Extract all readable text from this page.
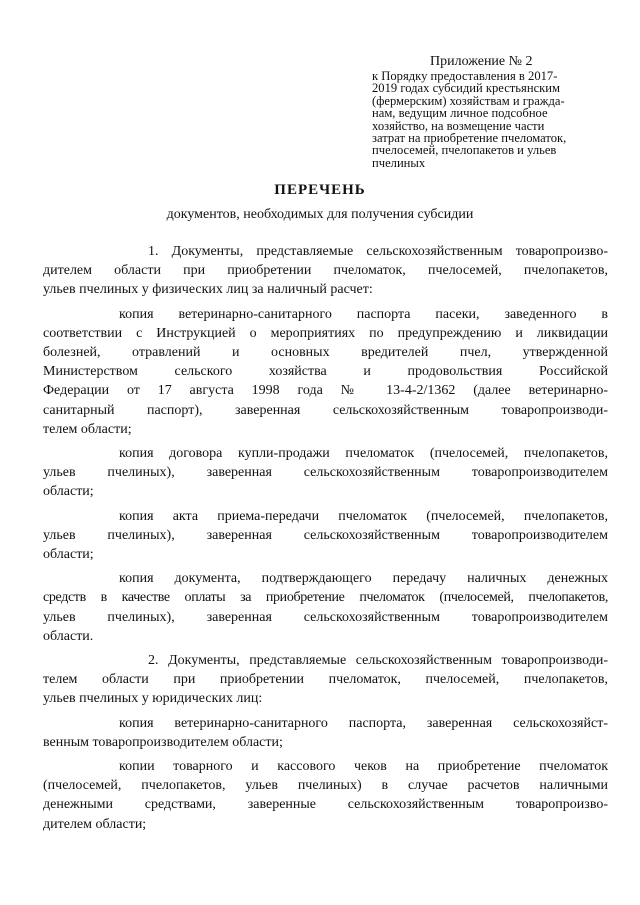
Приложение № 2
к Порядку предоставления в 2017-
2019 годах субсидий крестьянским
(фермерским) хозяйствам и гражда-
нам, ведущим личное подсобное
хозяйство, на возмещение части
затрат на приобретение пчеломаток,
пчелосемей, пчелопакетов и ульев
пчелиных
ПЕРЕЧЕНЬ
документов, необходимых для получения субсидии
1. Документы, представляемые сельскохозяйственным товаропроизво-
дителем области при приобретении пчеломаток, пчелосемей, пчелопакетов,
ульев пчелиных у физических лиц за наличный расчет:
копия ветеринарно-санитарного паспорта пасеки, заведенного в
соответствии с Инструкцией о мероприятиях по предупреждению и ликвидации
болезней, отравлений и основных вредителей пчел, утвержденной
Министерством сельского хозяйства и продовольствия Российской
Федерации от 17 августа 1998 года № 13-4-2/1362 (далее ветеринарно-
санитарный паспорт), заверенная сельскохозяйственным товаропроизводи-
телем области;
копия договора купли-продажи пчеломаток (пчелосемей, пчелопакетов,
ульев пчелиных), заверенная сельскохозяйственным товаропроизводителем
области;
копия акта приема-передачи пчеломаток (пчелосемей, пчелопакетов,
ульев пчелиных), заверенная сельскохозяйственным товаропроизводителем
области;
копия документа, подтверждающего передачу наличных денежных
средств в качестве оплаты за приобретение пчеломаток (пчелосемей, пчелопакетов,
ульев пчелиных), заверенная сельскохозяйственным товаропроизводителем
области.
2. Документы, представляемые сельскохозяйственным товаропроизводи-
телем области при приобретении пчеломаток, пчелосемей, пчелопакетов,
ульев пчелиных у юридических лиц:
копия ветеринарно-санитарного паспорта, заверенная сельскохозяйст-
венным товаропроизводителем области;
копии товарного и кассового чеков на приобретение пчеломаток
(пчелосемей, пчелопакетов, ульев пчелиных) в случае расчетов наличными
денежными средствами, заверенные сельскохозяйственным товаропроизво-
дителем области;
